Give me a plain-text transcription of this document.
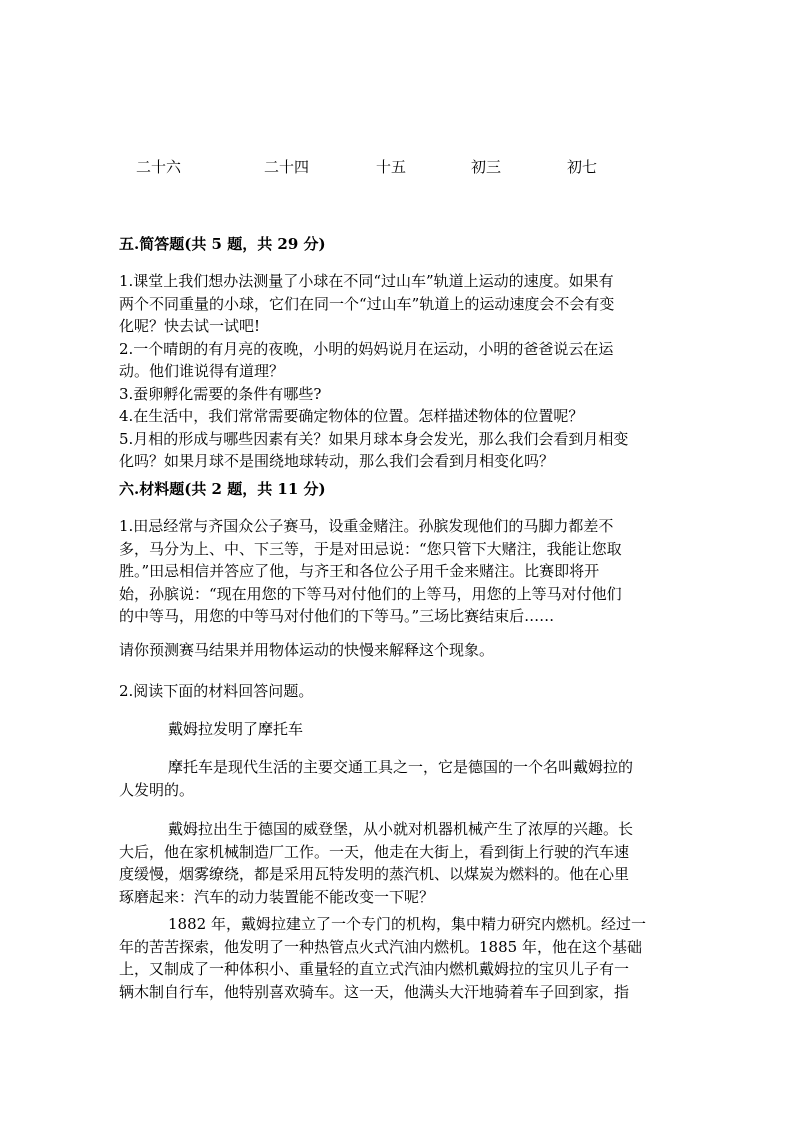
二十六	二十四	十五	初三	初七
五.简答题(共 5 题，共 29 分)
1.课堂上我们想办法测量了小球在不同“过山车”轨道上运动的速度。如果有
两个不同重量的小球，它们在同一个“过山车”轨道上的运动速度会不会有变
化呢？快去试一试吧!
2.一个晴朗的有月亮的夜晚，小明的妈妈说月在运动，小明的爸爸说云在运
动。他们谁说得有道理？
3.蚕卵孵化需要的条件有哪些?
4.在生活中，我们常常需要确定物体的位置。怎样描述物体的位置呢？
5.月相的形成与哪些因素有关？如果月球本身会发光，那么我们会看到月相变
化吗？如果月球不是围绕地球转动，那么我们会看到月相变化吗？
六.材料题(共 2 题，共 11 分)
1.田忌经常与齐国众公子赛马，设重金赌注。孙膑发现他们的马脚力都差不
多，马分为上、中、下三等，于是对田忌说：“您只管下大赌注，我能让您取
胜。”田忌相信并答应了他，与齐王和各位公子用千金来赌注。比赛即将开
始，孙膑说：“现在用您的下等马对付他们的上等马，用您的上等马对付他们
的中等马，用您的中等马对付他们的下等马。”三场比赛结束后……
请你预测赛马结果并用物体运动的快慢来解释这个现象。
2.阅读下面的材料回答问题。
戴姆拉发明了摩托车
摩托车是现代生活的主要交通工具之一，它是德国的一个名叫戴姆拉的
人发明的。
戴姆拉出生于德国的威登堡，从小就对机器机械产生了浓厚的兴趣。长
大后，他在家机械制造厂工作。一天，他走在大街上，看到街上行驶的汽车速
度缓慢，烟雾缭绕，都是采用瓦特发明的蒸汽机、以煤炭为燃料的。他在心里
琢磨起来：汽车的动力装置能不能改变一下呢？
1882 年，戴姆拉建立了一个专门的机构，集中精力研究内燃机。经过一
年的苦苦探索，他发明了一种热管点火式汽油内燃机。1885 年，他在这个基础
上，又制成了一种体积小、重量轻的直立式汽油内燃机戴姆拉的宝贝儿子有一
辆木制自行车，他特别喜欢骑车。这一天，他满头大汗地骑着车子回到家，指
